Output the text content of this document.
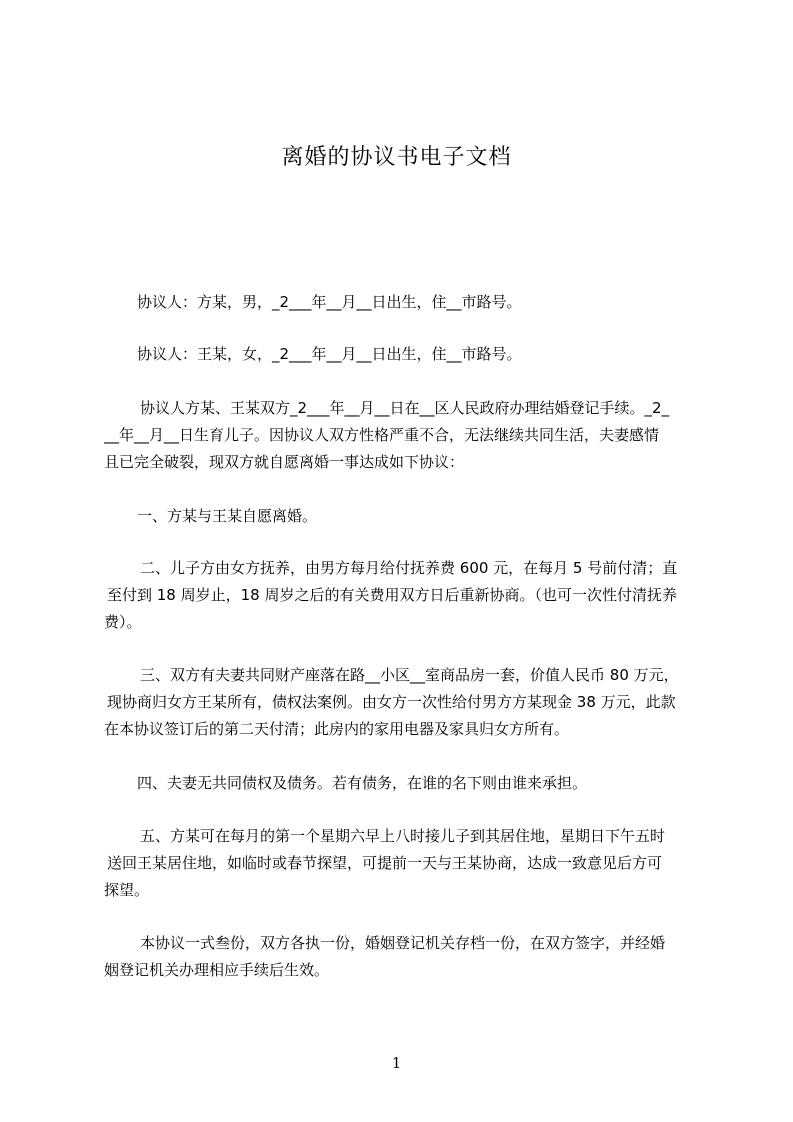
离婚的协议书电子文档
协议人：方某，男，_2___年__月__日出生，住__市路号。
协议人：王某，女，_2___年__月__日出生，住__市路号。
协议人方某、王某双方_2___年__月__日在__区人民政府办理结婚登记手续。_2_
__年__月__日生育儿子。因协议人双方性格严重不合，无法继续共同生活，夫妻感情
且已完全破裂，现双方就自愿离婚一事达成如下协议：
一、方某与王某自愿离婚。
二、儿子方由女方抚养，由男方每月给付抚养费 600 元，在每月 5 号前付清；直
至付到 18 周岁止，18 周岁之后的有关费用双方日后重新协商。（也可一次性付清抚养
费）。
三、双方有夫妻共同财产座落在路__小区__室商品房一套，价值人民币 80 万元，
现协商归女方王某所有，债权法案例。由女方一次性给付男方方某现金 38 万元，此款
在本协议签订后的第二天付清；此房内的家用电器及家具归女方所有。
四、夫妻无共同债权及债务。若有债务，在谁的名下则由谁来承担。
五、方某可在每月的第一个星期六早上八时接儿子到其居住地，星期日下午五时
送回王某居住地，如临时或春节探望，可提前一天与王某协商，达成一致意见后方可
探望。
本协议一式叁份，双方各执一份，婚姻登记机关存档一份，在双方签字，并经婚
姻登记机关办理相应手续后生效。
1
